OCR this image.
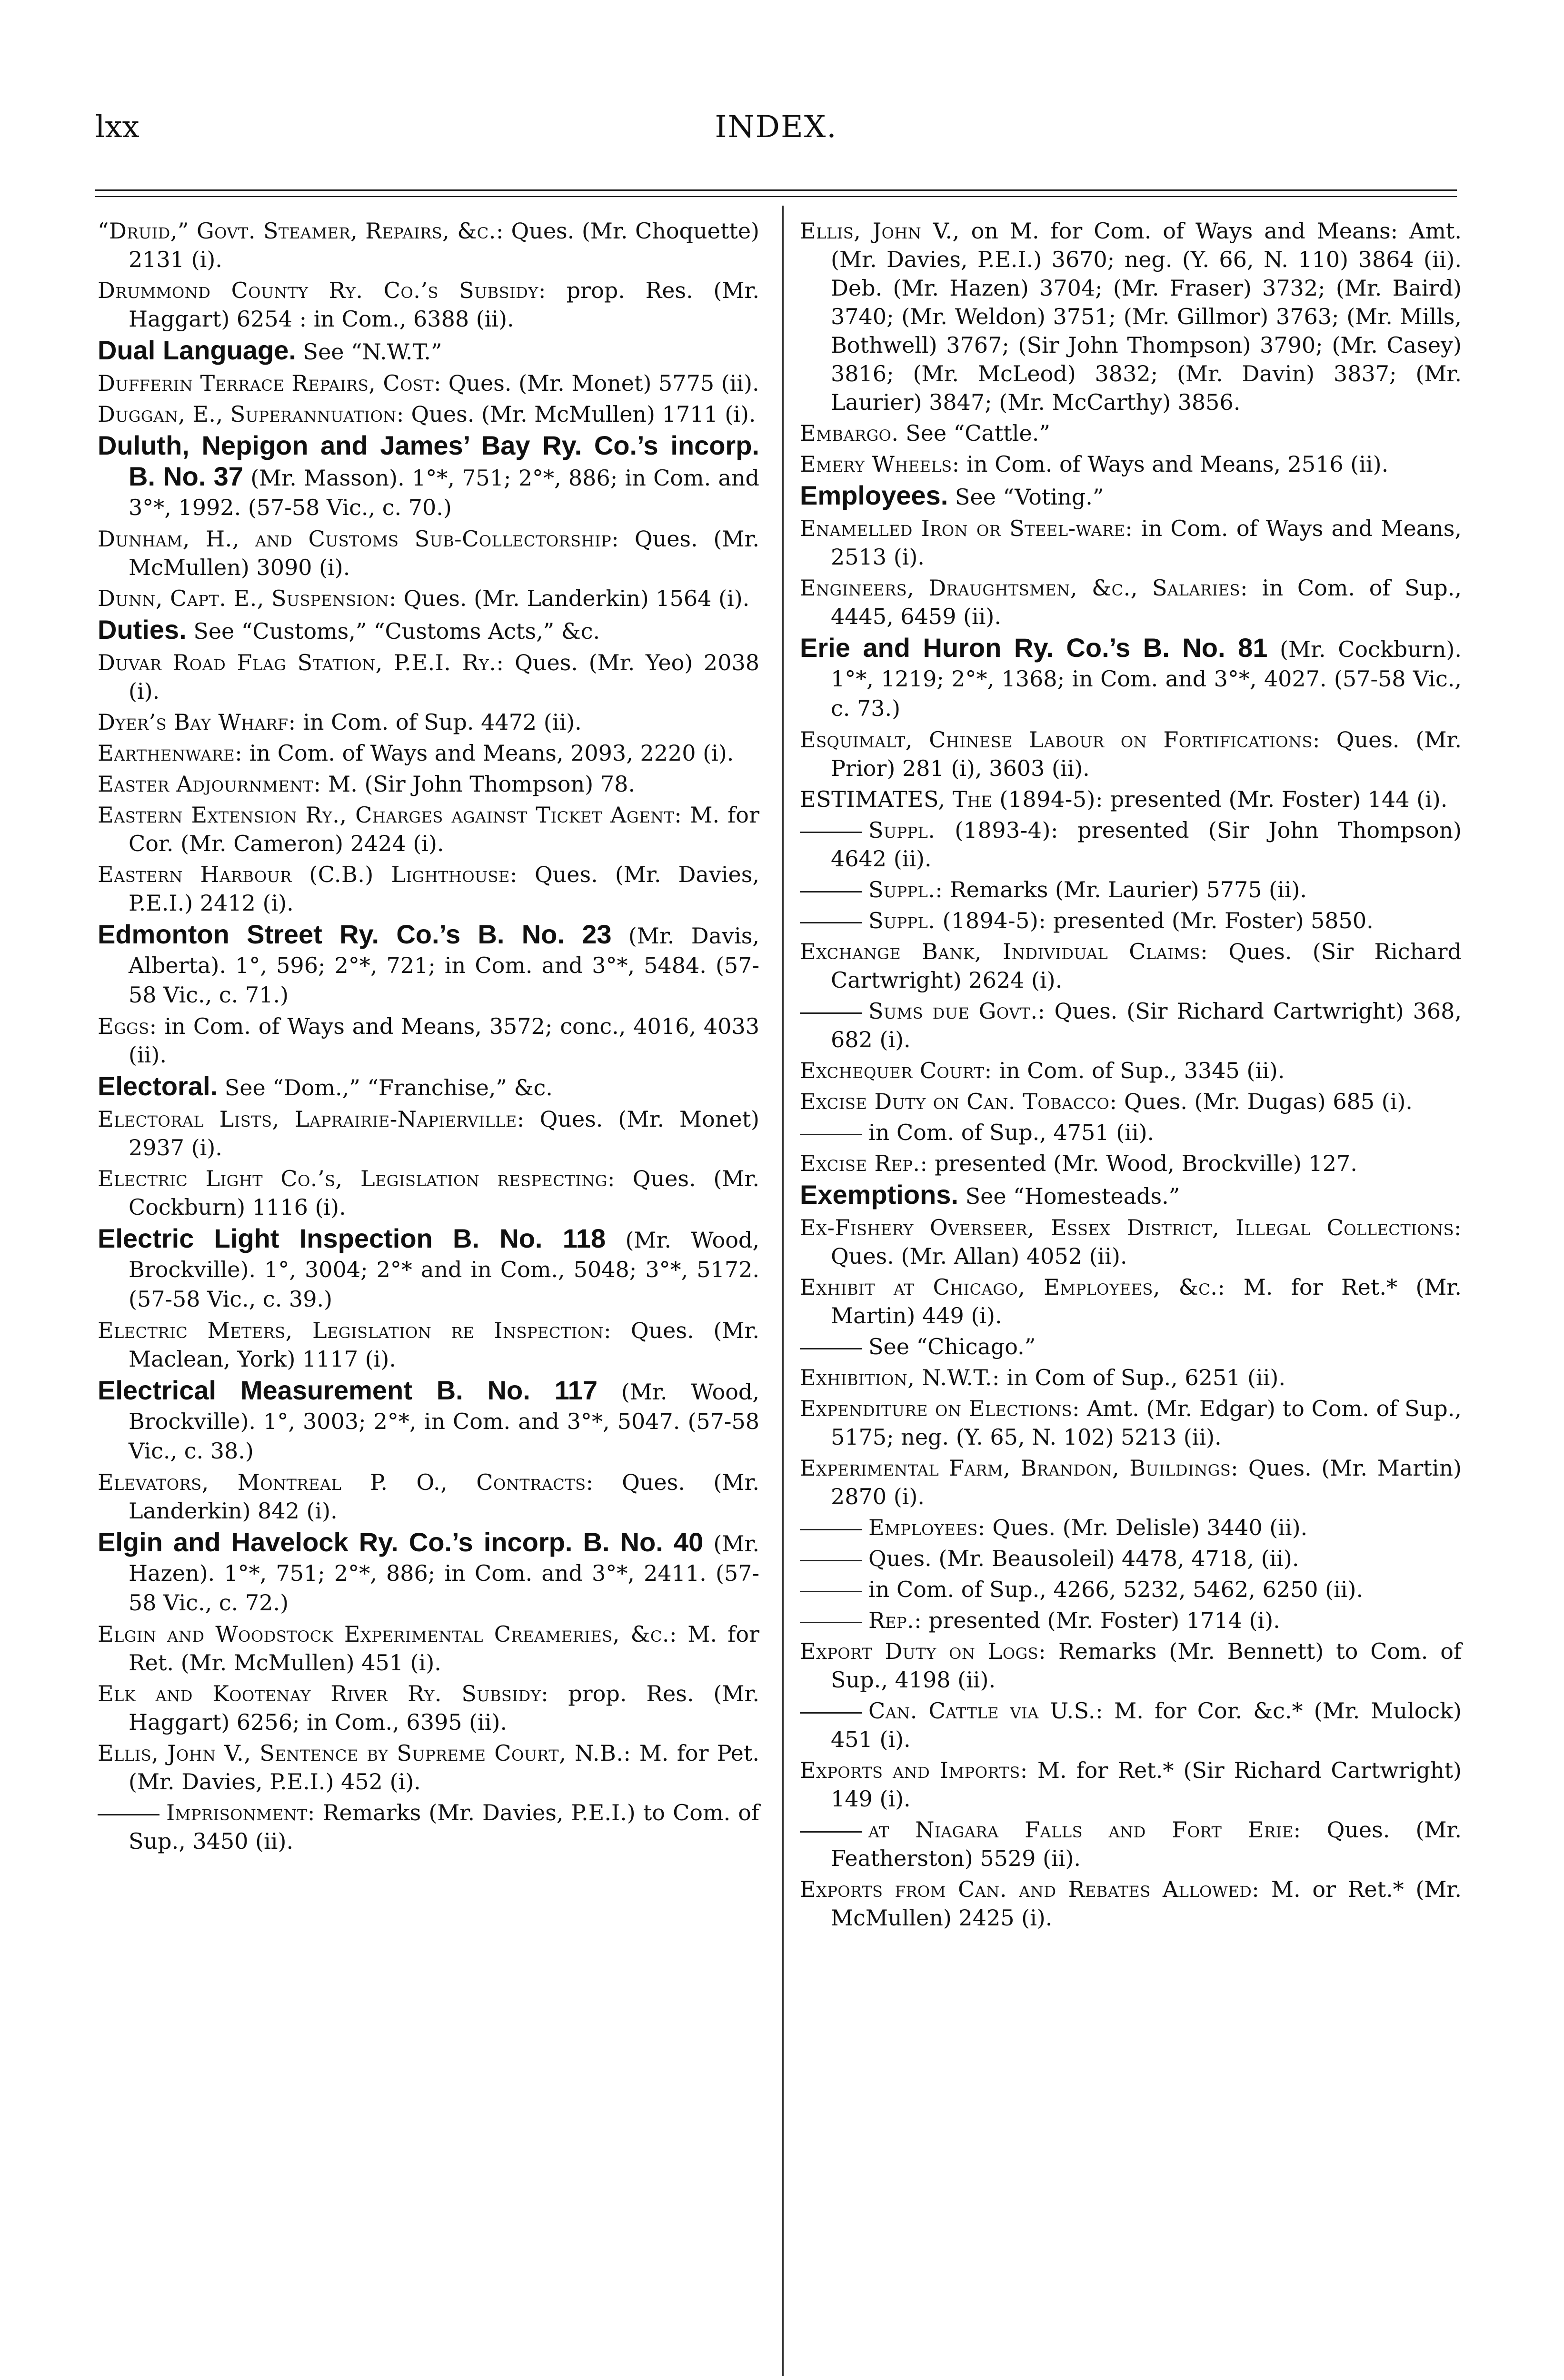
lxx	INDEX.

“Druid,” Govt. Steamer, Repairs, &c.: Ques. (Mr. Choquette) 2131 (i).

Drummond County Ry. Co.’s Subsidy: prop. Res. (Mr. Haggart) 6254 : in Com., 6388 (ii).

Dual Language. See “N.W.T.”

Dufferin Terrace Repairs, Cost: Ques. (Mr. Monet) 5775 (ii).

Duggan, E., Superannuation: Ques. (Mr. McMullen) 1711 (i).

Duluth, Nepigon and James’ Bay Ry. Co.’s incorp. B. No. 37 (Mr. Masson). 1°*, 751; 2°*, 886; in Com. and 3°*, 1992. (57-58 Vic., c. 70.)

Dunham, H., and Customs Sub-Collectorship: Ques. (Mr. McMullen) 3090 (i).

Dunn, Capt. E., Suspension: Ques. (Mr. Landerkin) 1564 (i).

Duties. See “Customs,” “Customs Acts,” &c.

Duvar Road Flag Station, P.E.I. Ry.: Ques. (Mr. Yeo) 2038 (i).

Dyer’s Bay Wharf: in Com. of Sup. 4472 (ii).

Earthenware: in Com. of Ways and Means, 2093, 2220 (i).

Easter Adjournment: M. (Sir John Thompson) 78.

Eastern Extension Ry., Charges against Ticket Agent: M. for Cor. (Mr. Cameron) 2424 (i).

Eastern Harbour (C.B.) Lighthouse: Ques. (Mr. Davies, P.E.I.) 2412 (i).

Edmonton Street Ry. Co.’s B. No. 23 (Mr. Davis, Alberta). 1°, 596; 2°*, 721; in Com. and 3°*, 5484. (57-58 Vic., c. 71.)

Eggs: in Com. of Ways and Means, 3572; conc., 4016, 4033 (ii).

Electoral. See “Dom.,” “Franchise,” &c.

Electoral Lists, Laprairie-Napierville: Ques. (Mr. Monet) 2937 (i).

Electric Light Co.’s, Legislation respecting: Ques. (Mr. Cockburn) 1116 (i).

Electric Light Inspection B. No. 118 (Mr. Wood, Brockville). 1°, 3004; 2°* and in Com., 5048; 3°*, 5172. (57-58 Vic., c. 39.)

Electric Meters, Legislation re Inspection: Ques. (Mr. Maclean, York) 1117 (i).

Electrical Measurement B. No. 117 (Mr. Wood, Brockville). 1°, 3003; 2°*, in Com. and 3°*, 5047. (57-58 Vic., c. 38.)

Elevators, Montreal P. O., Contracts: Ques. (Mr. Landerkin) 842 (i).

Elgin and Havelock Ry. Co.’s incorp. B. No. 40 (Mr. Hazen). 1°*, 751; 2°*, 886; in Com. and 3°*, 2411. (57-58 Vic., c. 72.)

Elgin and Woodstock Experimental Creameries, &c.: M. for Ret. (Mr. McMullen) 451 (i).

Elk and Kootenay River Ry. Subsidy: prop. Res. (Mr. Haggart) 6256; in Com., 6395 (ii).

Ellis, John V., Sentence by Supreme Court, N.B.: M. for Pet. (Mr. Davies, P.E.I.) 452 (i).

Imprisonment: Remarks (Mr. Davies, P.E.I.) to Com. of Sup., 3450 (ii).

Ellis, John V., on M. for Com. of Ways and Means: Amt. (Mr. Davies, P.E.I.) 3670; neg. (Y. 66, N. 110) 3864 (ii). Deb. (Mr. Hazen) 3704; (Mr. Fraser) 3732; (Mr. Baird) 3740; (Mr. Weldon) 3751; (Mr. Gillmor) 3763; (Mr. Mills, Bothwell) 3767; (Sir John Thompson) 3790; (Mr. Casey) 3816; (Mr. McLeod) 3832; (Mr. Davin) 3837; (Mr. Laurier) 3847; (Mr. McCarthy) 3856.

Embargo. See “Cattle.”

Emery Wheels: in Com. of Ways and Means, 2516 (ii).

Employees. See “Voting.”

Enamelled Iron or Steel-ware: in Com. of Ways and Means, 2513 (i).

Engineers, Draughtsmen, &c., Salaries: in Com. of Sup., 4445, 6459 (ii).

Erie and Huron Ry. Co.’s B. No. 81 (Mr. Cockburn). 1°*, 1219; 2°*, 1368; in Com. and 3°*, 4027. (57-58 Vic., c. 73.)

Esquimalt, Chinese Labour on Fortifications: Ques. (Mr. Prior) 281 (i), 3603 (ii).

ESTIMATES, The (1894-5): presented (Mr. Foster) 144 (i).

Suppl. (1893-4): presented (Sir John Thompson) 4642 (ii).

Suppl.: Remarks (Mr. Laurier) 5775 (ii).

Suppl. (1894-5): presented (Mr. Foster) 5850.

Exchange Bank, Individual Claims: Ques. (Sir Richard Cartwright) 2624 (i).

Sums due Govt.: Ques. (Sir Richard Cartwright) 368, 682 (i).

Exchequer Court: in Com. of Sup., 3345 (ii).

Excise Duty on Can. Tobacco: Ques. (Mr. Dugas) 685 (i).

in Com. of Sup., 4751 (ii).

Excise Rep.: presented (Mr. Wood, Brockville) 127.

Exemptions. See “Homesteads.”

Ex-Fishery Overseer, Essex District, Illegal Collections: Ques. (Mr. Allan) 4052 (ii).

Exhibit at Chicago, Employees, &c.: M. for Ret.* (Mr. Martin) 449 (i).

See “Chicago.”

Exhibition, N.W.T.: in Com of Sup., 6251 (ii).

Expenditure on Elections: Amt. (Mr. Edgar) to Com. of Sup., 5175; neg. (Y. 65, N. 102) 5213 (ii).

Experimental Farm, Brandon, Buildings: Ques. (Mr. Martin) 2870 (i).

Employees: Ques. (Mr. Delisle) 3440 (ii).

Ques. (Mr. Beausoleil) 4478, 4718, (ii).

in Com. of Sup., 4266, 5232, 5462, 6250 (ii).

Rep.: presented (Mr. Foster) 1714 (i).

Export Duty on Logs: Remarks (Mr. Bennett) to Com. of Sup., 4198 (ii).

Can. Cattle via U.S.: M. for Cor. &c.* (Mr. Mulock) 451 (i).

Exports and Imports: M. for Ret.* (Sir Richard Cartwright) 149 (i).

at Niagara Falls and Fort Erie: Ques. (Mr. Featherston) 5529 (ii).

Exports from Can. and Rebates Allowed: M. or Ret.* (Mr. McMullen) 2425 (i).
